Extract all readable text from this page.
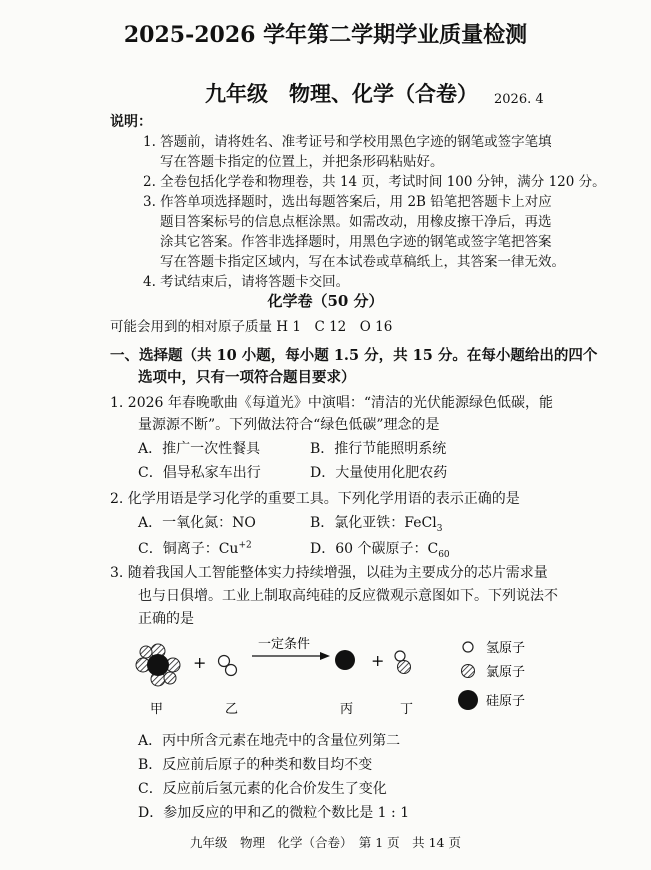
2025-2026 学年第二学期学业质量检测
九年级　物理、化学（合卷） 2026. 4
说明：
1. 答题前，请将姓名、准考证号和学校用黑色字迹的钢笔或签字笔填
写在答题卡指定的位置上，并把条形码粘贴好。
2. 全卷包括化学卷和物理卷，共 14 页，考试时间 100 分钟，满分 120 分。
3. 作答单项选择题时，选出每题答案后，用 2B 铅笔把答题卡上对应
题目答案标号的信息点框涂黑。如需改动，用橡皮擦干净后，再选
涂其它答案。作答非选择题时，用黑色字迹的钢笔或签字笔把答案
写在答题卡指定区域内，写在本试卷或草稿纸上，其答案一律无效。
4. 考试结束后，请将答题卡交回。
化学卷（50 分）
可能会用到的相对原子质量 H 1　C 12　O 16
一、选择题（共 10 小题，每小题 1.5 分，共 15 分。在每小题给出的四个
选项中，只有一项符合题目要求）
1. 2026 年春晚歌曲《每道光》中演唱：“清洁的光伏能源绿色低碳，能
量源源不断”。下列做法符合“绿色低碳”理念的是
A．推广一次性餐具	B．推行节能照明系统
C．倡导私家车出行	D．大量使用化肥农药
2. 化学用语是学习化学的重要工具。下列化学用语的表示正确的是
A．一氧化氮：NO	B．氯化亚铁：FeCl$_3$
C．铜离子：$Cu^{+2}$	D．60 个碳原子：$C_{60}$
3. 随着我国人工智能整体实力持续增强，以硅为主要成分的芯片需求量
也与日俱增。工业上制取高纯硅的反应微观示意图如下。下列说法不
正确的是
+
一定条件
+
甲	乙	丙	丁
氢原子
氯原子
硅原子
A．丙中所含元素在地壳中的含量位列第二
B．反应前后原子的种类和数目均不变
C．反应前后氢元素的化合价发生了变化
D．参加反应的甲和乙的微粒个数比是 1 : 1
九年级　物理　化学（合卷）　第 1 页　共 14 页
